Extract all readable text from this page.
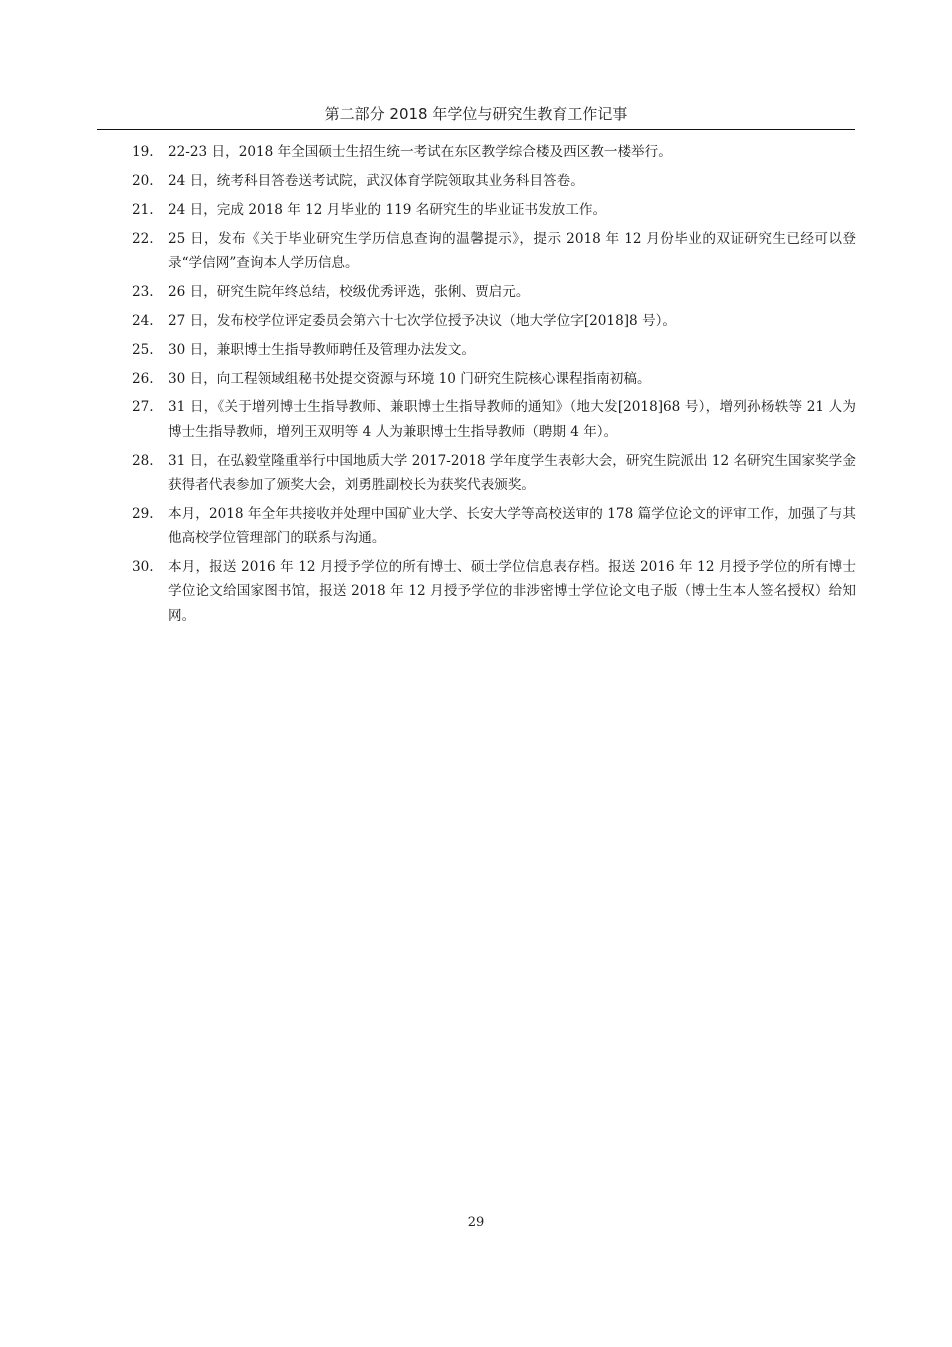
第二部分 2018 年学位与研究生教育工作记事
19.	22-23 日，2018 年全国硕士生招生统一考试在东区教学综合楼及西区教一楼举行。
20.	24 日，统考科目答卷送考试院，武汉体育学院领取其业务科目答卷。
21.	24 日，完成 2018 年 12 月毕业的 119 名研究生的毕业证书发放工作。
22.	25 日，发布《关于毕业研究生学历信息查询的温馨提示》，提示 2018 年 12 月份毕业的双证研究生已经可以登录“学信网”查询本人学历信息。
23.	26 日，研究生院年终总结，校级优秀评选，张俐、贾启元。
24.	27 日，发布校学位评定委员会第六十七次学位授予决议（地大学位字[2018]8 号）。
25.	30 日，兼职博士生指导教师聘任及管理办法发文。
26.	30 日，向工程领域组秘书处提交资源与环境 10 门研究生院核心课程指南初稿。
27.	31 日，《关于增列博士生指导教师、兼职博士生指导教师的通知》（地大发[2018]68 号），增列孙杨轶等 21 人为博士生指导教师，增列王双明等 4 人为兼职博士生指导教师（聘期 4 年）。
28.	31 日，在弘毅堂隆重举行中国地质大学 2017-2018 学年度学生表彰大会，研究生院派出 12 名研究生国家奖学金获得者代表参加了颁奖大会，刘勇胜副校长为获奖代表颁奖。
29.	本月，2018 年全年共接收并处理中国矿业大学、长安大学等高校送审的 178 篇学位论文的评审工作，加强了与其他高校学位管理部门的联系与沟通。
30.	本月，报送 2016 年 12 月授予学位的所有博士、硕士学位信息表存档。报送 2016 年 12 月授予学位的所有博士学位论文给国家图书馆，报送 2018 年 12 月授予学位的非涉密博士学位论文电子版（博士生本人签名授权）给知网。
29
